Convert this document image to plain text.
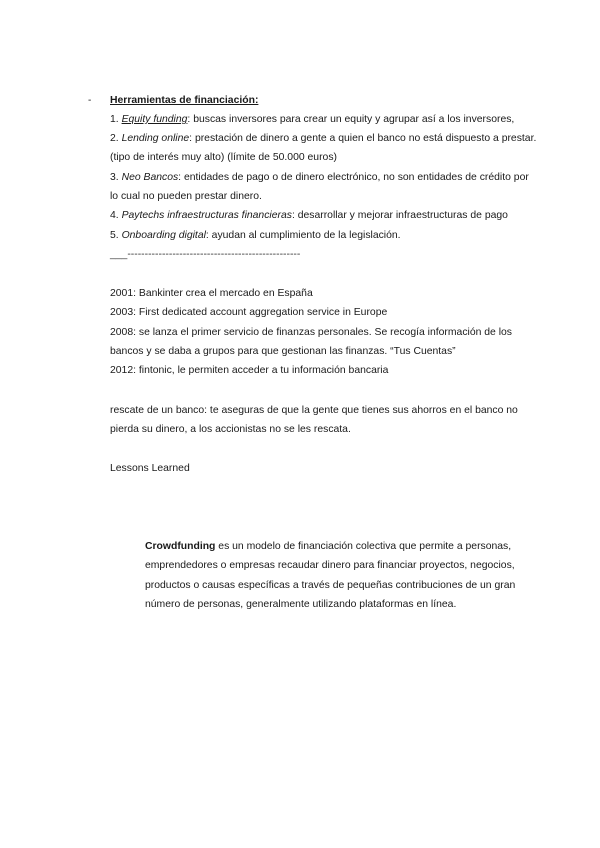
- Herramientas de financiación:
1. Equity funding: buscas inversores para crear un equity y agrupar así a los inversores,
2. Lending online: prestación de dinero a gente a quien el banco no está dispuesto a prestar.
(tipo de interés muy alto) (límite de 50.000 euros)
3. Neo Bancos: entidades de pago o de dinero electrónico, no son entidades de crédito por
lo cual no pueden prestar dinero.
4. Paytechs infraestructuras financieras: desarrollar y mejorar infraestructuras de pago
5. Onboarding digital: ayudan al cumplimiento de la legislación.
___--------------------------------------------------
2001: Bankinter crea el mercado en España
2003: First dedicated account aggregation service in Europe
2008: se lanza el primer servicio de finanzas personales. Se recogía información de los
bancos y se daba a grupos para que gestionan las finanzas. “Tus Cuentas”
2012: fintonic, le permiten acceder a tu información bancaria
rescate de un banco: te aseguras de que la gente que tienes sus ahorros en el banco no
pierda su dinero, a los accionistas no se les rescata.
Lessons Learned
Crowdfunding es un modelo de financiación colectiva que permite a personas,
emprendedores o empresas recaudar dinero para financiar proyectos, negocios,
productos o causas específicas a través de pequeñas contribuciones de un gran
número de personas, generalmente utilizando plataformas en línea.
